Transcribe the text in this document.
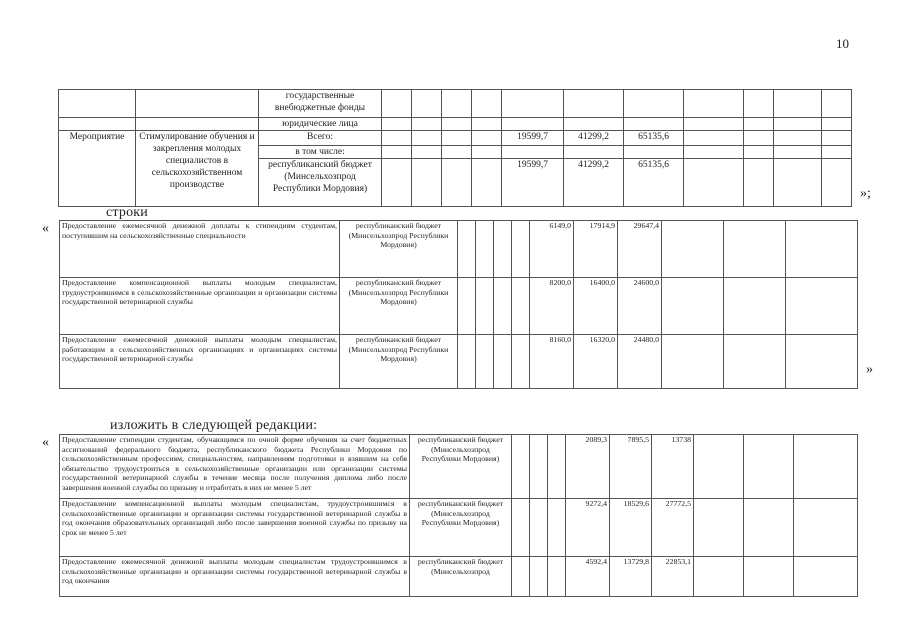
10
		государственные внебюджетные фонды											
		юридические лица											
Мероприятие	Стимулирование обучения и закрепления молодых специалистов в сельскохозяйственном производстве	Всего:					19599,7	41299,2	65135,6				
		в том числе:											
		республиканский бюджет (Минсельхозпрод Республики Мордовия)					19599,7	41299,2	65135,6				
»;
строки
« Предоставление ежемесячной денежной доплаты к стипендиям студентам, поступившим на сельскохозяйственные специальности	республиканский бюджет (Минсельхозпрод Республики Мордовия)					6149,0	17914,9	29647,4			
Предоставление компенсационной выплаты молодым специалистам, трудоустроившимся в сельскохозяйственные организации и организации системы государственной ветеринарной службы	республиканский бюджет (Минсельхозпрод Республики Мордовия)					8200,0	16400,0	24600,0			
Предоставление ежемесячной денежной выплаты молодым специалистам, работающим в сельскохозяйственных организациях и организациях системы государственной ветеринарной службы	республиканский бюджет (Минсельхозпрод Республики Мордовия)					8160,0	16320,0	24480,0			
»
изложить в следующей редакции:
« Предоставление стипендии студентам, обучающимся по очной форме обучения за счет бюджетных ассигнований федерального бюджета, республиканского бюджета Республики Мордовия по сельскохозяйственным профессиям, специальностям, направлениям подготовки и взявшим на себя обязательство трудоустроиться в сельскохозяйственные организации или организации системы государственной ветеринарной службы в течение месяца после получения диплома либо после завершения военной службы по призыву и отработать в них не менее 5 лет	республиканский бюджет (Минсельхозпрод Республики Мордовия)				2089,3	7895,5	13738			
Предоставление компенсационной выплаты молодым специалистам, трудоустроившимся в сельскохозяйственные организации и организации системы государственной ветеринарной службы в год окончания образовательных организаций либо после завершения военной службы по призыву на срок не менее 5 лет	республиканский бюджет (Минсельхозпрод Республики Мордовия)				9272,4	18529,6	27772,5			
Предоставление ежемесячной денежной выплаты молодым специалистам трудоустроившимся в сельскохозяйственные организации и организации системы государственной ветеринарной службы в год окончания	республиканский бюджет (Минсельхозпрод				4592,4	13729,8	22853,1			
